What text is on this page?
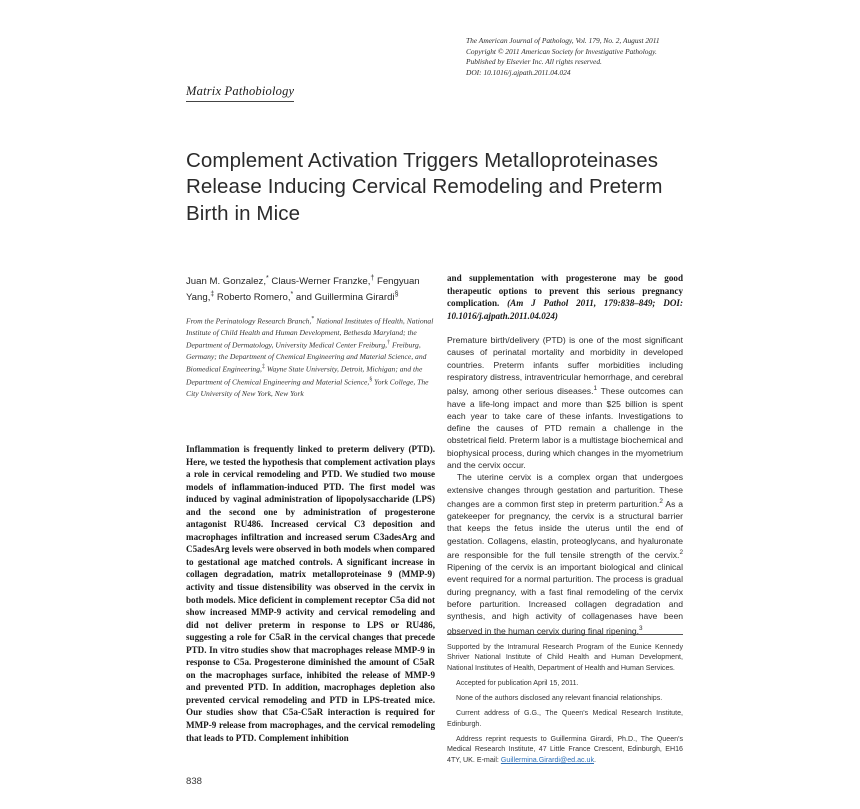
The American Journal of Pathology, Vol. 179, No. 2, August 2011
Copyright © 2011 American Society for Investigative Pathology.
Published by Elsevier Inc. All rights reserved.
DOI: 10.1016/j.ajpath.2011.04.024
Matrix Pathobiology
Complement Activation Triggers Metalloproteinases Release Inducing Cervical Remodeling and Preterm Birth in Mice
Juan M. Gonzalez,* Claus-Werner Franzke,† Fengyuan Yang,‡ Roberto Romero,* and Guillermina Girardi§
From the Perinatology Research Branch,* National Institutes of Health, National Institute of Child Health and Human Development, Bethesda Maryland; the Department of Dermatology, University Medical Center Freiburg,† Freiburg, Germany; the Department of Chemical Engineering and Material Science, and Biomedical Engineering,‡ Wayne State University, Detroit, Michigan; and the Department of Chemical Engineering and Material Science,§ York College, The City University of New York, New York
Inflammation is frequently linked to preterm delivery (PTD). Here, we tested the hypothesis that complement activation plays a role in cervical remodeling and PTD. We studied two mouse models of inflammation-induced PTD. The first model was induced by vaginal administration of lipopolysaccharide (LPS) and the second one by administration of progesterone antagonist RU486. Increased cervical C3 deposition and macrophages infiltration and increased serum C3adesArg and C5adesArg levels were observed in both models when compared to gestational age matched controls. A significant increase in collagen degradation, matrix metalloproteinase 9 (MMP-9) activity and tissue distensibility was observed in the cervix in both models. Mice deficient in complement receptor C5a did not show increased MMP-9 activity and cervical remodeling and did not deliver preterm in response to LPS or RU486, suggesting a role for C5aR in the cervical changes that precede PTD. In vitro studies show that macrophages release MMP-9 in response to C5a. Progesterone diminished the amount of C5aR on the macrophages surface, inhibited the release of MMP-9 and prevented PTD. In addition, macrophages depletion also prevented cervical remodeling and PTD in LPS-treated mice. Our studies show that C5a-C5aR interaction is required for MMP-9 release from macrophages, and the cervical remodeling that leads to PTD. Complement inhibition
and supplementation with progesterone may be good therapeutic options to prevent this serious pregnancy complication. (Am J Pathol 2011, 179:838–849; DOI: 10.1016/j.ajpath.2011.04.024)

Premature birth/delivery (PTD) is one of the most significant causes of perinatal mortality and morbidity in developed countries. Preterm infants suffer morbidities including respiratory distress, intraventricular hemorrhage, and cerebral palsy, among other serious diseases.$^1$ These outcomes can have a life-long impact and more than $25 billion is spent each year to take care of these infants. Investigations to define the causes of PTD remain a challenge in the obstetrical field. Preterm labor is a multistage biochemical and biophysical process, during which changes in the myometrium and the cervix occur.

The uterine cervix is a complex organ that undergoes extensive changes through gestation and parturition. These changes are a common first step in preterm parturition.$^2$ As a gatekeeper for pregnancy, the cervix is a structural barrier that keeps the fetus inside the uterus until the end of gestation. Collagens, elastin, proteoglycans, and hyaluronate are responsible for the full tensile strength of the cervix.$^2$ Ripening of the cervix is an important biological and clinical event required for a normal parturition. The process is gradual during pregnancy, with a fast final remodeling of the cervix before parturition. Increased collagen degradation and synthesis, and high activity of collagenases have been observed in the human cervix during final ripening.$^3$

Supported by the Intramural Research Program of the Eunice Kennedy Shriver National Institute of Child Health and Human Development, National Institutes of Health, Department of Health and Human Services.

Accepted for publication April 15, 2011.

None of the authors disclosed any relevant financial relationships.

Current address of G.G., The Queen's Medical Research Institute, Edinburgh.

Address reprint requests to Guillermina Girardi, Ph.D., The Queen's Medical Research Institute, 47 Little France Crescent, Edinburgh, EH16 4TY, UK. E-mail: Guillermina.Girardi@ed.ac.uk.

838
